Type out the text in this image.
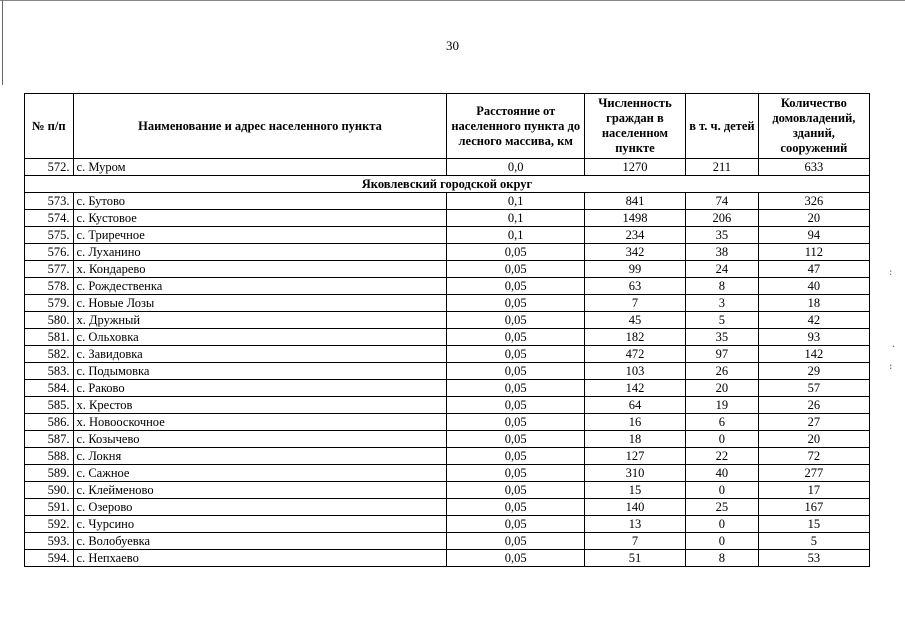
30
№ п/п	Наименование и адрес населенного пункта	Расстояние от населенного пункта до лесного массива, км	Численность граждан в населенном пункте	в т. ч. детей	Количество домовладений, зданий, сооружений
572.	с. Муром	0,0	1270	211	633
Яковлевский городской округ					
573.	с. Бутово	0,1	841	74	326
574.	с. Кустовое	0,1	1498	206	20
575.	с. Триречное	0,1	234	35	94
576.	с. Луханино	0,05	342	38	112
577.	х. Кондарево	0,05	99	24	47
578.	с. Рождественка	0,05	63	8	40
579.	с. Новые Лозы	0,05	7	3	18
580.	х. Дружный	0,05	45	5	42
581.	с. Ольховка	0,05	182	35	93
582.	с. Завидовка	0,05	472	97	142
583.	с. Подымовка	0,05	103	26	29
584.	с. Раково	0,05	142	20	57
585.	х. Крестов	0,05	64	19	26
586.	х. Новооскочное	0,05	16	6	27
587.	с. Козычево	0,05	18	0	20
588.	с. Локня	0,05	127	22	72
589.	с. Сажное	0,05	310	40	277
590.	с. Клейменово	0,05	15	0	17
591.	с. Озерово	0,05	140	25	167
592.	с. Чурсино	0,05	13	0	15
593.	с. Волобуевка	0,05	7	0	5
594.	с. Непхаево	0,05	51	8	53
:
.
:
